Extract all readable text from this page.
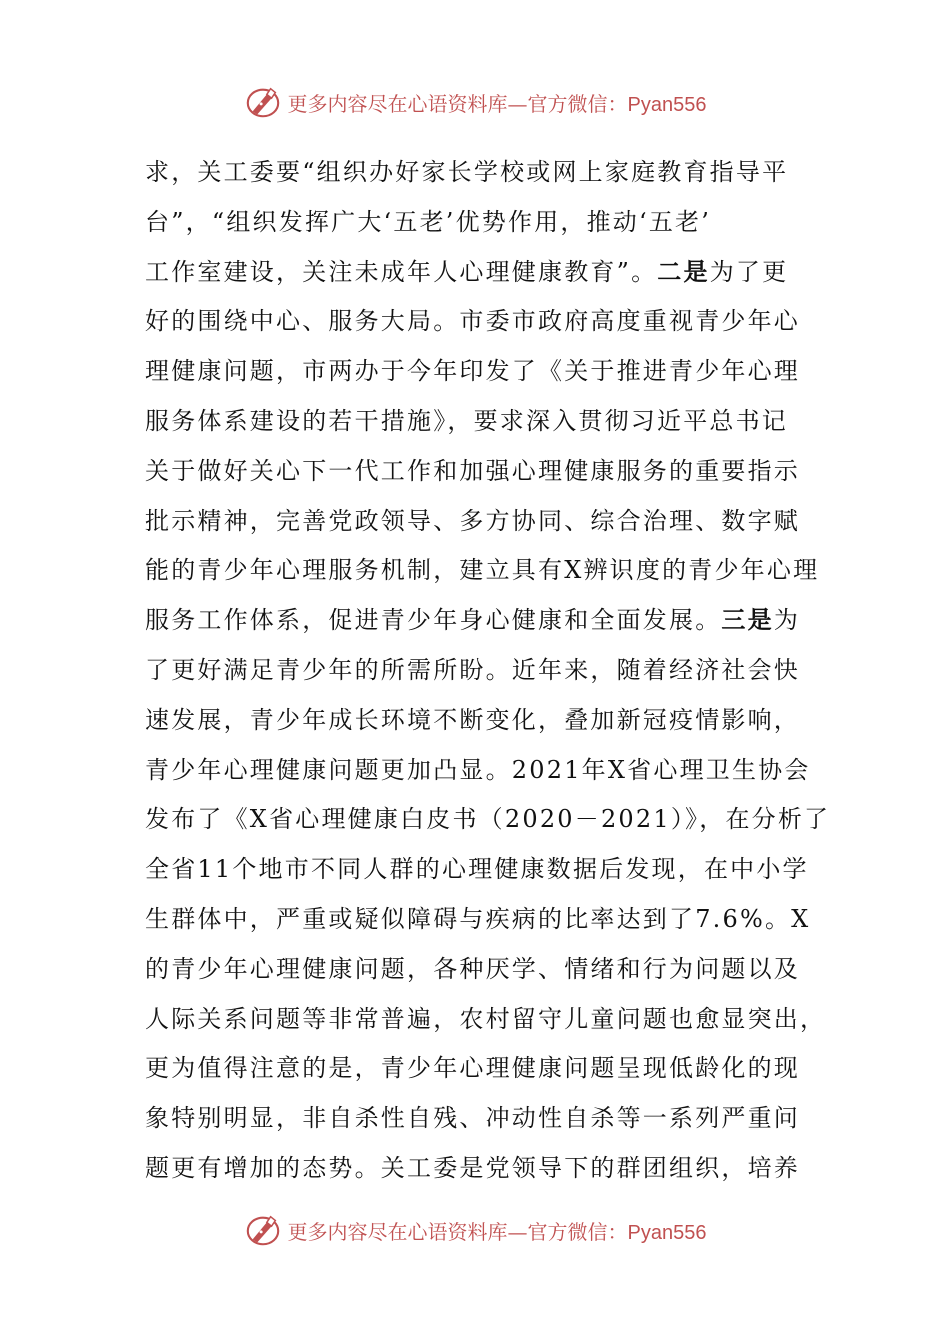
更多内容尽在心语资料库—官方微信：Pyan556
求，关工委要“组织办好家长学校或网上家庭教育指导平
台”，“组织发挥广大‘五老’优势作用，推动‘五老’
工作室建设，关注未成年人心理健康教育”。二是为了更
好的围绕中心、服务大局。市委市政府高度重视青少年心
理健康问题，市两办于今年印发了《关于推进青少年心理
服务体系建设的若干措施》，要求深入贯彻习近平总书记
关于做好关心下一代工作和加强心理健康服务的重要指示
批示精神，完善党政领导、多方协同、综合治理、数字赋
能的青少年心理服务机制，建立具有X辨识度的青少年心理
服务工作体系，促进青少年身心健康和全面发展。三是为
了更好满足青少年的所需所盼。近年来，随着经济社会快
速发展，青少年成长环境不断变化，叠加新冠疫情影响，
青少年心理健康问题更加凸显。2021年X省心理卫生协会
发布了《X省心理健康白皮书（2020－2021）》，在分析了
全省11个地市不同人群的心理健康数据后发现，在中小学
生群体中，严重或疑似障碍与疾病的比率达到了7.6%。X
的青少年心理健康问题，各种厌学、情绪和行为问题以及
人际关系问题等非常普遍，农村留守儿童问题也愈显突出，
更为值得注意的是，青少年心理健康问题呈现低龄化的现
象特别明显，非自杀性自残、冲动性自杀等一系列严重问
题更有增加的态势。关工委是党领导下的群团组织，培养
更多内容尽在心语资料库—官方微信：Pyan556
